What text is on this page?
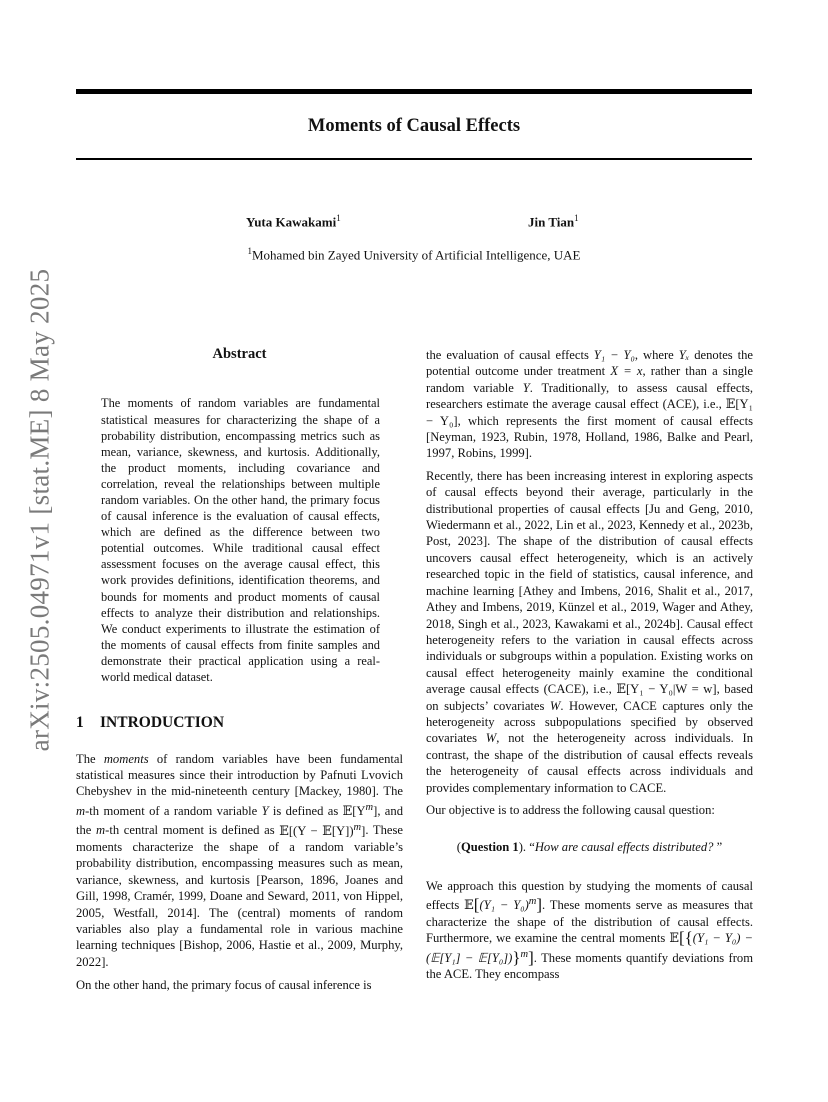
Moments of Causal Effects
Yuta Kawakami$^1$	Jin Tian$^1$
$^1$Mohamed bin Zayed University of Artificial Intelligence, UAE
arXiv:2505.04971v1 [stat.ME] 8 May 2025	Abstract
The moments of random variables are fundamental statistical measures for characterizing the shape of a probability distribution, encompassing metrics such as mean, variance, skewness, and kurtosis. Additionally, the product moments, including covariance and correlation, reveal the relationships between multiple random variables. On the other hand, the primary focus of causal inference is the evaluation of causal effects, which are defined as the difference between two potential outcomes. While traditional causal effect assessment focuses on the average causal effect, this work provides definitions, identification theorems, and bounds for moments and product moments of causal effects to analyze their distribution and relationships. We conduct experiments to illustrate the estimation of the moments of causal effects from finite samples and demonstrate their practical application using a real-world medical dataset.
1 INTRODUCTION

The moments of random variables have been fundamental statistical measures since their introduction by Pafnuti Lvovich Chebyshev in the mid-nineteenth century [Mackey, 1980]. The m-th moment of a random variable Y is defined as $𝔼[Y^m]$, and the m-th central moment is defined as 𝔼[(Y − 𝔼[Y])$^m$]. These moments characterize the shape of a random variable’s probability distribution, encompassing measures such as mean, variance, skewness, and kurtosis [Pearson, 1896, Joanes and Gill, 1998, Cramér, 1999, Doane and Seward, 2011, von Hippel, 2005, Westfall, 2014]. The (central) moments of random variables also play a fundamental role in various machine learning techniques [Bishop, 2006, Hastie et al., 2009, Murphy, 2022].

On the other hand, the primary focus of causal inference is

the evaluation of causal effects Y₁ − Y₀, where Yₓ denotes the potential outcome under treatment X = x, rather than a single random variable Y. Traditionally, to assess causal effects, researchers estimate the average causal effect (ACE), i.e., 𝔼[Y₁ − Y₀], which represents the first moment of causal effects [Neyman, 1923, Rubin, 1978, Holland, 1986, Balke and Pearl, 1997, Robins, 1999].

Recently, there has been increasing interest in exploring aspects of causal effects beyond their average, particularly in the distributional properties of causal effects [Ju and Geng, 2010, Wiedermann et al., 2022, Lin et al., 2023, Kennedy et al., 2023b, Post, 2023]. The shape of the distribution of causal effects uncovers causal effect heterogeneity, which is an actively researched topic in the field of statistics, causal inference, and machine learning [Athey and Imbens, 2016, Shalit et al., 2017, Athey and Imbens, 2019, Künzel et al., 2019, Wager and Athey, 2018, Singh et al., 2023, Kawakami et al., 2024b]. Causal effect heterogeneity refers to the variation in causal effects across individuals or subgroups within a population. Existing works on causal effect heterogeneity mainly examine the conditional average causal effects (CACE), i.e., 𝔼[Y₁ − Y₀|W = w], based on subjects’ covariates W. However, CACE captures only the heterogeneity across subpopulations specified by observed covariates W, not the heterogeneity across individuals. In contrast, the shape of the distribution of causal effects reveals the heterogeneity of causal effects across individuals and provides complementary information to CACE.

Our objective is to address the following causal question:

(Question 1). “How are causal effects distributed? ”

We approach this question by studying the moments of causal effects 𝔼[(Y₁ − Y₀)$^m$]. These moments serve as measures that characterize the shape of the distribution of causal effects. Furthermore, we examine the central moments 𝔼[{(Y₁ − Y₀) − (𝔼[Y₁] − 𝔼[Y₀])}$^m$]. These moments quantify deviations from the ACE. They encompass
